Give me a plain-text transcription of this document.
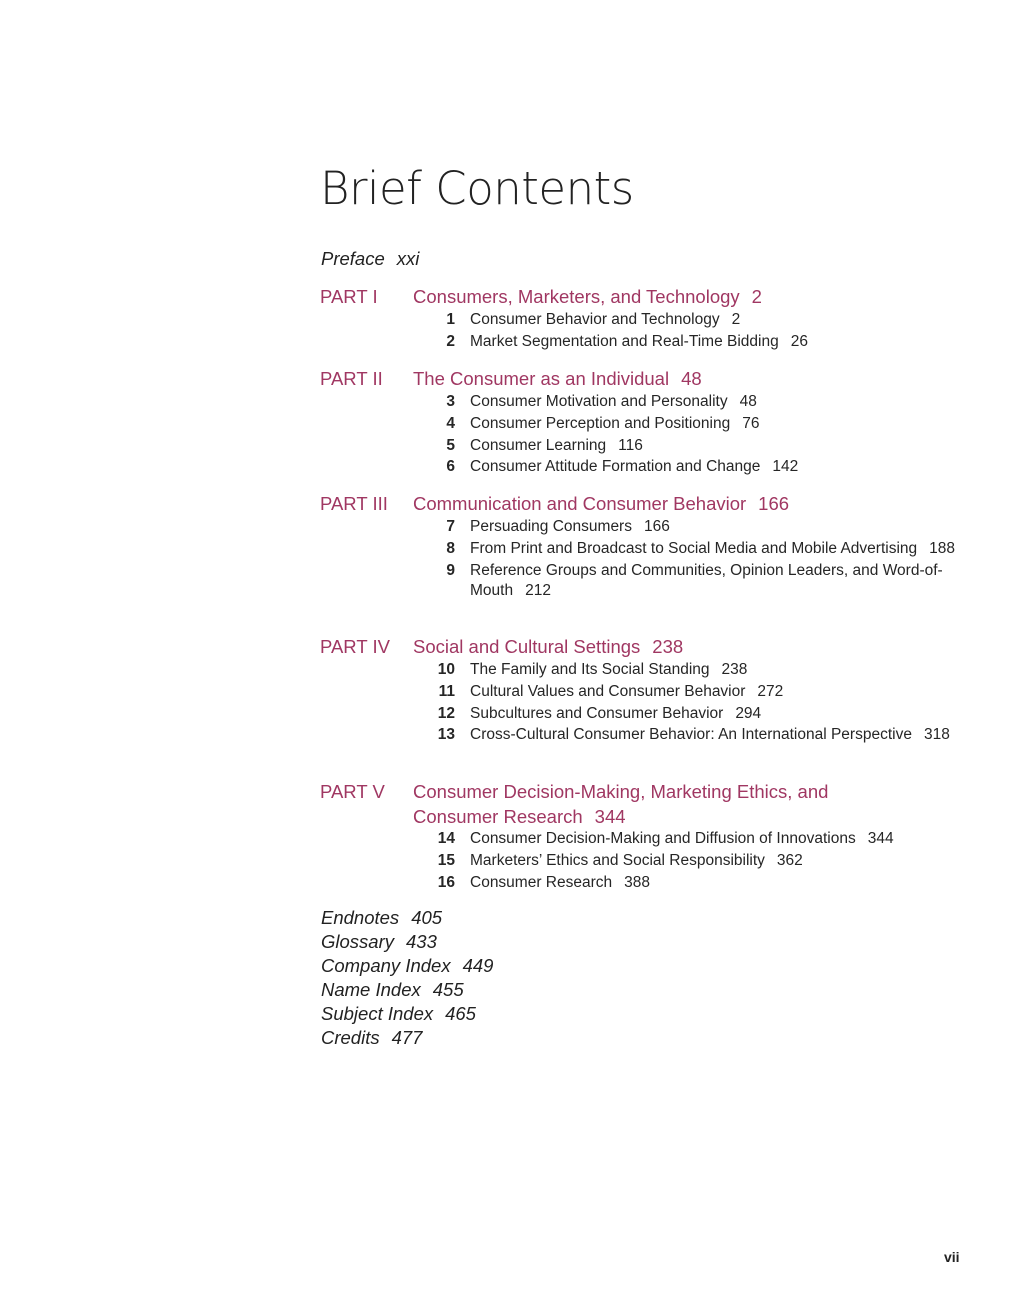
Brief Contents
Preface xxi
PART I Consumers, Marketers, and Technology 2
1 Consumer Behavior and Technology 2
2 Market Segmentation and Real-Time Bidding 26
PART II The Consumer as an Individual 48
3 Consumer Motivation and Personality 48
4 Consumer Perception and Positioning 76
5 Consumer Learning 116
6 Consumer Attitude Formation and Change 142
PART III Communication and Consumer Behavior 166
7 Persuading Consumers 166
8 From Print and Broadcast to Social Media and Mobile Advertising 188
9 Reference Groups and Communities, Opinion Leaders, and Word-of-Mouth 212
PART IV Social and Cultural Settings 238
10 The Family and Its Social Standing 238
11 Cultural Values and Consumer Behavior 272
12 Subcultures and Consumer Behavior 294
13 Cross-Cultural Consumer Behavior: An International Perspective 318
PART V Consumer Decision-Making, Marketing Ethics, and Consumer Research 344
14 Consumer Decision-Making and Diffusion of Innovations 344
15 Marketers’ Ethics and Social Responsibility 362
16 Consumer Research 388
Endnotes 405
Glossary 433
Company Index 449
Name Index 455
Subject Index 465
Credits 477
vii
